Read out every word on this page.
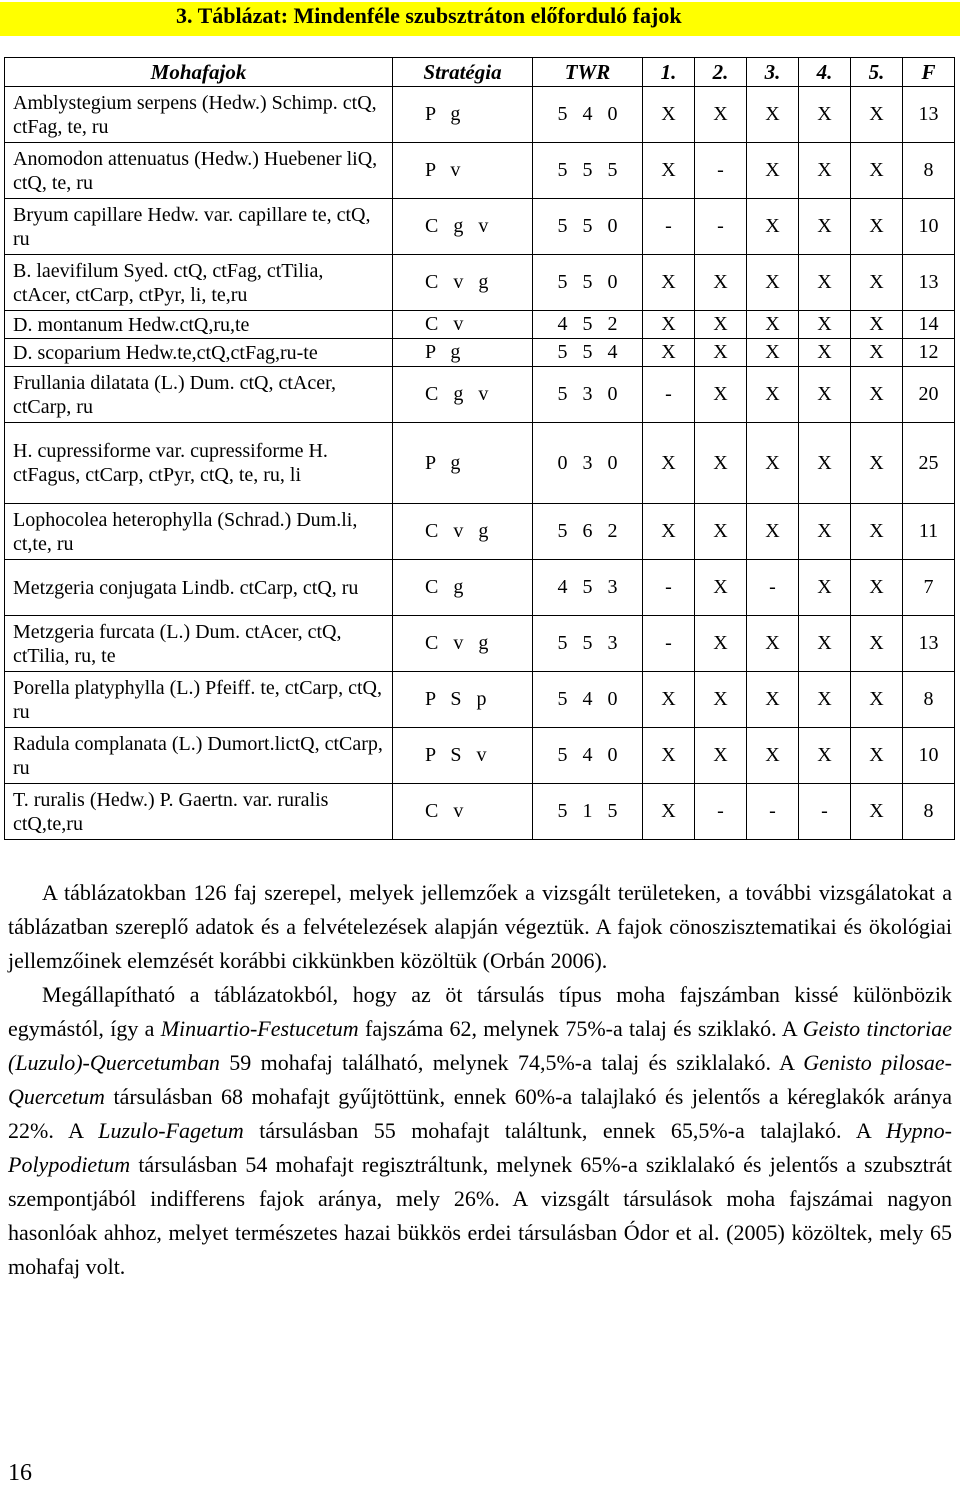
3. Táblázat: Mindenféle szubsztráton előforduló fajok
Mohafajok	Stratégia	TWR	1.	2.	3.	4.	5.	F
Amblystegium serpens (Hedw.) Schimp. ctQ, ctFag, te, ru	P g	5 4 0	X	X	X	X	X	13
Anomodon attenuatus (Hedw.) Huebener liQ, ctQ, te, ru	P v	5 5 5	X	-	X	X	X	8
Bryum capillare Hedw. var. capillare te, ctQ, ru	C g v	5 5 0	-	-	X	X	X	10
B. laevifilum Syed. ctQ, ctFag, ctTilia, ctAcer, ctCarp, ctPyr, li, te,ru	C v g	5 5 0	X	X	X	X	X	13
D. montanum Hedw.ctQ,ru,te	C v	4 5 2	X	X	X	X	X	14
D. scoparium Hedw.te,ctQ,ctFag,ru-te	P g	5 5 4	X	X	X	X	X	12
Frullania dilatata (L.) Dum. ctQ, ctAcer, ctCarp, ru	C g v	5 3 0	-	X	X	X	X	20
H. cupressiforme var. cupressiforme H. ctFagus, ctCarp, ctPyr, ctQ, te, ru, li	P g	0 3 0	X	X	X	X	X	25
Lophocolea heterophylla (Schrad.) Dum.li, ct,te, ru	C v g	5 6 2	X	X	X	X	X	11
Metzgeria conjugata Lindb. ctCarp, ctQ, ru	C g	4 5 3	-	X	-	X	X	7
Metzgeria furcata (L.) Dum. ctAcer, ctQ, ctTilia, ru, te	C v g	5 5 3	-	X	X	X	X	13
Porella platyphylla (L.) Pfeiff. te, ctCarp, ctQ, ru	P S p	5 4 0	X	X	X	X	X	8
Radula complanata (L.) Dumort.lictQ, ctCarp, ru	P S v	5 4 0	X	X	X	X	X	10
T. ruralis (Hedw.) P. Gaertn. var. ruralis ctQ,te,ru	C v	5 1 5	X	-	-	-	X	8

A táblázatokban 126 faj szerepel, melyek jellemzőek a vizsgált területeken, a további vizsgálatokat a táblázatban szereplő adatok és a felvételezések alapján végeztük. A fajok cönoszisztematikai és ökológiai jellemzőinek elemzését korábbi cikkünkben közöltük (Orbán 2006).

Megállapítható a táblázatokból, hogy az öt társulás típus moha fajszámban kissé különbözik egymástól, így a Minuartio-Festucetum fajszáma 62, melynek 75%-a talaj és sziklakó. A Geisto tinctoriae (Luzulo)-Quercetumban 59 mohafaj található, melynek 74,5%-a talaj és sziklalakó. A Genisto pilosae-Quercetum társulásban 68 mohafajt gyűjtöttünk, ennek 60%-a talajlakó és jelentős a kéreglakók aránya 22%. A Luzulo-Fagetum társulásban 55 mohafajt találtunk, ennek 65,5%-a talajlakó. A Hypno-Polypodietum társulásban 54 mohafajt regisztráltunk, melynek 65%-a sziklalakó és jelentős a szubsztrát szempontjából indifferens fajok aránya, mely 26%. A vizsgált társulások moha fajszámai nagyon hasonlóak ahhoz, melyet természetes hazai bükkös erdei társulásban Ódor et al. (2005) közöltek, mely 65 mohafaj volt.

16
